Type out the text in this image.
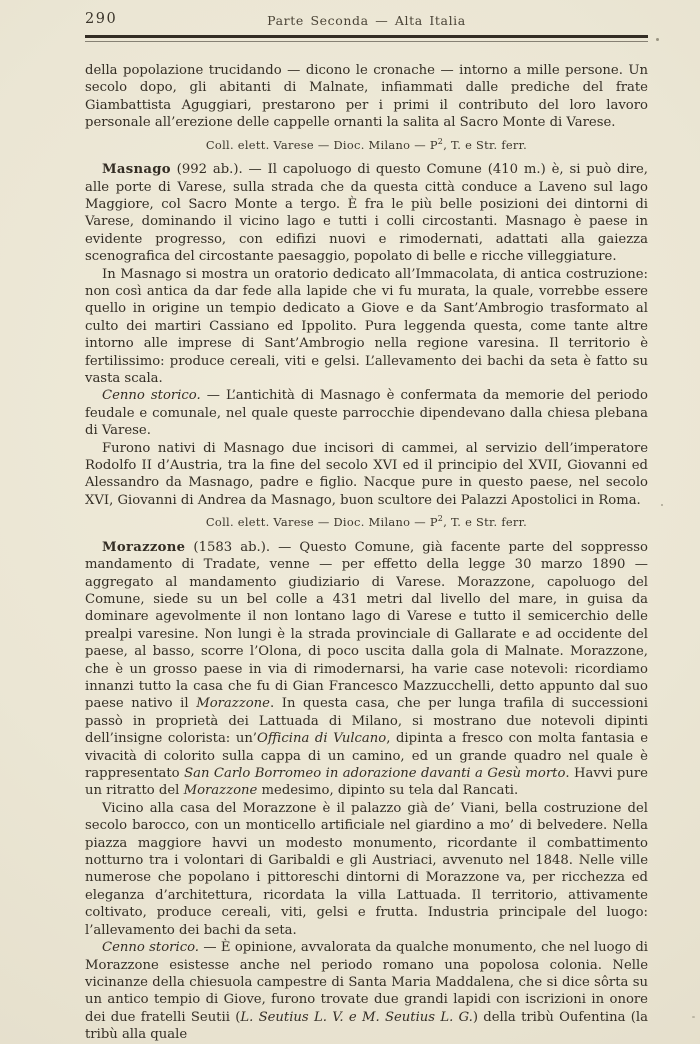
290	Parte Seconda — Alta Italia

della popolazione trucidando — dicono le cronache — intorno a mille persone. Un secolo dopo, gli abitanti di Malnate, infiammati dalle prediche del frate Giambattista Aguggiari, prestarono per i primi il contributo del loro lavoro personale all’erezione delle cappelle ornanti la salita al Sacro Monte di Varese.

Coll. elett. Varese — Dioc. Milano — $P^2$, T. e Str. ferr.

Masnago (992 ab.). — Il capoluogo di questo Comune (410 m.) è, si può dire, alle porte di Varese, sulla strada che da questa città conduce a Laveno sul lago Maggiore, col Sacro Monte a tergo. È fra le più belle posizioni dei dintorni di Varese, dominando il vicino lago e tutti i colli circostanti. Masnago è paese in evidente progresso, con edifizi nuovi e rimodernati, adattati alla gaiezza scenografica del circostante paesaggio, popolato di belle e ricche villeggiature.

In Masnago si mostra un oratorio dedicato all’Immacolata, di antica costruzione: non così antica da dar fede alla lapide che vi fu murata, la quale, vorrebbe essere quello in origine un tempio dedicato a Giove e da Sant’Ambrogio trasformato al culto dei martiri Cassiano ed Ippolito. Pura leggenda questa, come tante altre intorno alle imprese di Sant’Ambrogio nella regione varesina. Il territorio è fertilissimo: produce cereali, viti e gelsi. L’allevamento dei bachi da seta è fatto su vasta scala.

Cenno storico. — L’antichità di Masnago è confermata da memorie del periodo feudale e comunale, nel quale queste parrocchie dipendevano dalla chiesa plebana di Varese.

Furono nativi di Masnago due incisori di cammei, al servizio dell’imperatore Rodolfo II d’Austria, tra la fine del secolo XVI ed il principio del XVII, Giovanni ed Alessandro da Masnago, padre e figlio. Nacque pure in questo paese, nel secolo XVI, Giovanni di Andrea da Masnago, buon scultore dei Palazzi Apostolici in Roma.

Coll. elett. Varese — Dioc. Milano — $P^2$, T. e Str. ferr.

Morazzone (1583 ab.). — Questo Comune, già facente parte del soppresso mandamento di Tradate, venne — per effetto della legge 30 marzo 1890 — aggregato al mandamento giudiziario di Varese. Morazzone, capoluogo del Comune, siede su un bel colle a 431 metri dal livello del mare, in guisa da dominare agevolmente il non lontano lago di Varese e tutto il semicerchio delle prealpi varesine. Non lungi è la strada provinciale di Gallarate e ad occidente del paese, al basso, scorre l’Olona, di poco uscita dalla gola di Malnate. Morazzone, che è un grosso paese in via di rimodernarsi, ha varie case notevoli: ricordiamo innanzi tutto la casa che fu di Gian Francesco Mazzucchelli, detto appunto dal suo paese nativo il Morazzone. In questa casa, che per lunga trafila di successioni passò in proprietà dei Lattuada di Milano, si mostrano due notevoli dipinti dell’insigne colorista: un’Officina di Vulcano, dipinta a fresco con molta fantasia e vivacità di colorito sulla cappa di un camino, ed un grande quadro nel quale è rappresentato San Carlo Borromeo in adorazione davanti a Gesù morto. Havvi pure un ritratto del Morazzone medesimo, dipinto su tela dal Rancati.

Vicino alla casa del Morazzone è il palazzo già de’ Viani, bella costruzione del secolo barocco, con un monticello artificiale nel giardino a mo’ di belvedere. Nella piazza maggiore havvi un modesto monumento, ricordante il combattimento notturno tra i volontari di Garibaldi e gli Austriaci, avvenuto nel 1848. Nelle ville numerose che popolano i pittoreschi dintorni di Morazzone va, per ricchezza ed eleganza d’architettura, ricordata la villa Lattuada. Il territorio, attivamente coltivato, produce cereali, viti, gelsi e frutta. Industria principale del luogo: l’allevamento dei bachi da seta.

Cenno storico. — È opinione, avvalorata da qualche monumento, che nel luogo di Morazzone esistesse anche nel periodo romano una popolosa colonia. Nelle vicinanze della chiesuola campestre di Santa Maria Maddalena, che si dice sôrta su un antico tempio di Giove, furono trovate due grandi lapidi con iscrizioni in onore dei due fratelli Seutii (L. Seutius L. V. e M. Seutius L. G.) della tribù Oufentina (la tribù alla quale
